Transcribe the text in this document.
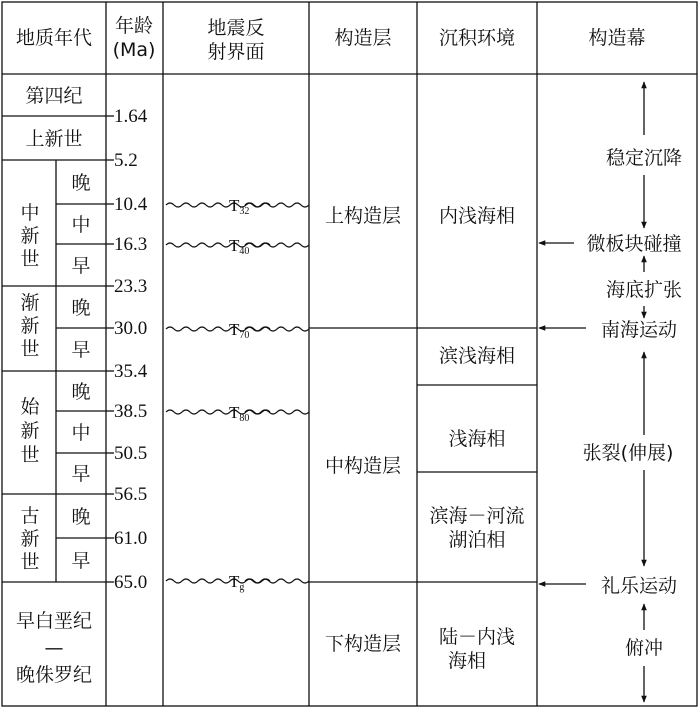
地质年代
年龄
(Ma)
地震反
射界面
构造层 沉积环境	构造幕
第四纪
上新世
中
新
世
晚
中
早
渐
新
世
晚
早
始
新
世
晚
中
早
古
新
世
晚
早
早白垩纪
—
晚侏罗纪
1.64
5.2
10.4
16.3
23.3
30.0
35.4
38.5
50.5
56.5
61.0
65.0
T32
T40
T70
T80
Tg
上构造层
中构造层
下构造层
内浅海相
滨浅海相
浅海相
滨海－河流
湖泊相
陆－内浅
海相
稳定沉降
微板块碰撞
海底扩张
南海运动
张裂(伸展)
礼乐运动
俯冲
